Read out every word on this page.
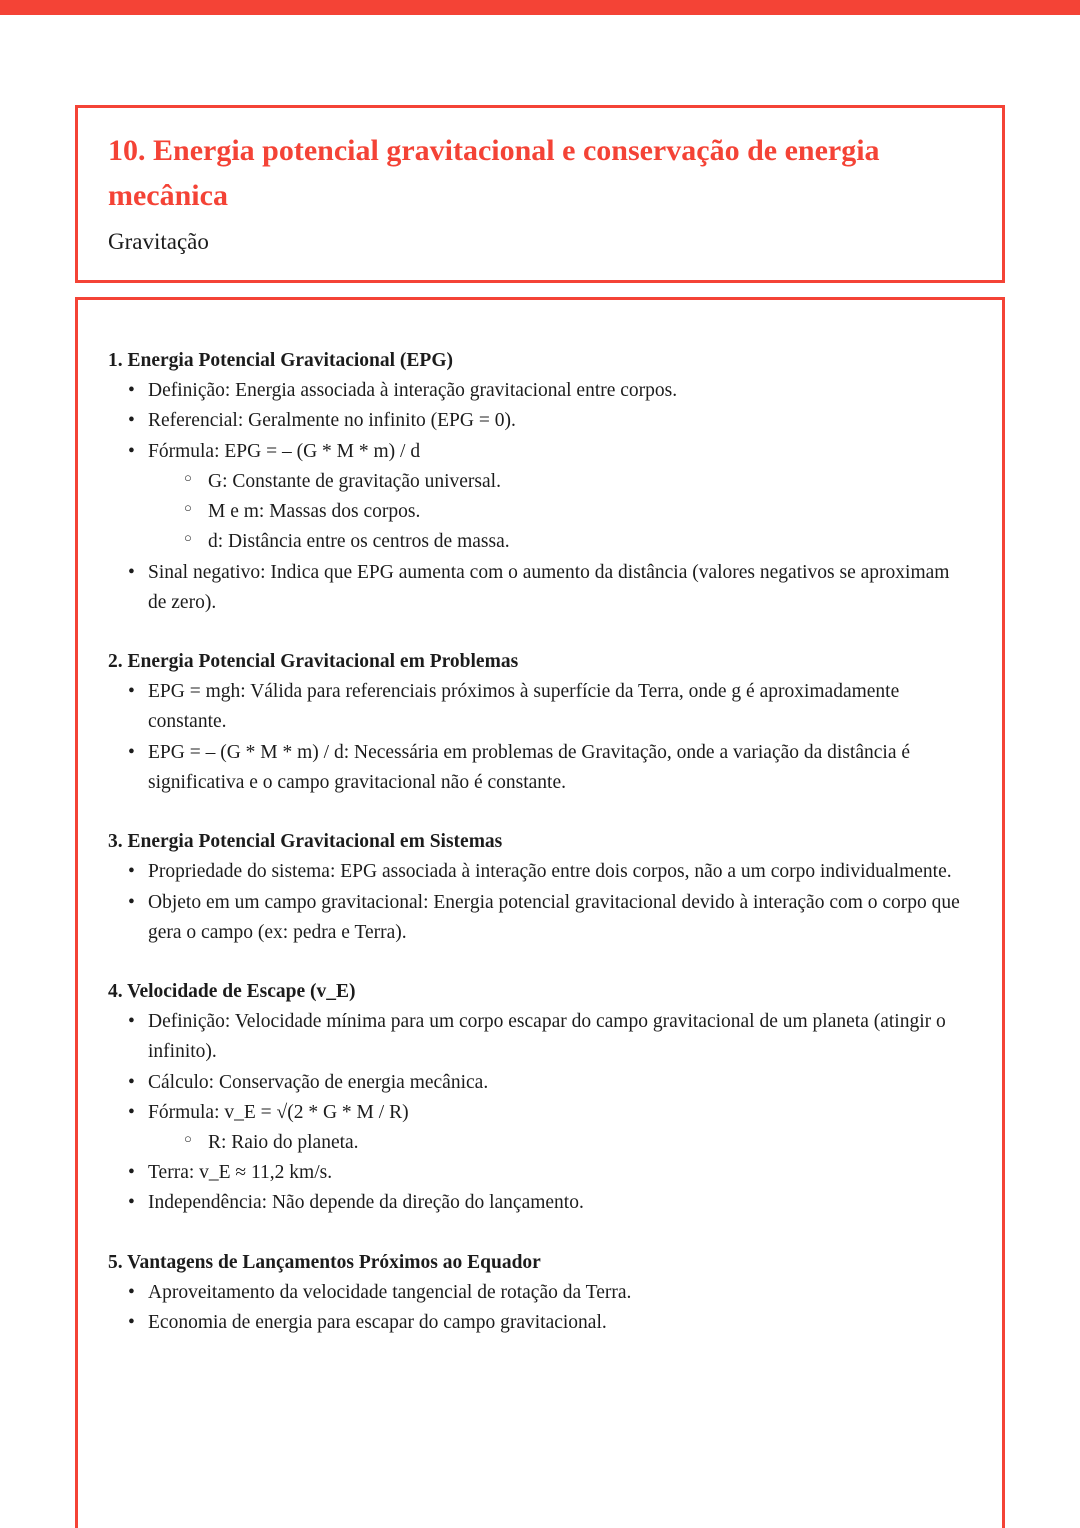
10. Energia potencial gravitacional e conservação de energia mecânica

Gravitação

1. Energia Potencial Gravitacional (EPG)
• Definição: Energia associada à interação gravitacional entre corpos.
• Referencial: Geralmente no infinito (EPG = 0).
• Fórmula: EPG = – (G * M * m) / d
○ G: Constante de gravitação universal.
○ M e m: Massas dos corpos.
○ d: Distância entre os centros de massa.
• Sinal negativo: Indica que EPG aumenta com o aumento da distância (valores negativos se aproximam de zero).
2. Energia Potencial Gravitacional em Problemas
• EPG = mgh: Válida para referenciais próximos à superfície da Terra, onde g é aproximadamente constante.
• EPG = – (G * M * m) / d: Necessária em problemas de Gravitação, onde a variação da distância é significativa e o campo gravitacional não é constante.
3. Energia Potencial Gravitacional em Sistemas
• Propriedade do sistema: EPG associada à interação entre dois corpos, não a um corpo individualmente.
• Objeto em um campo gravitacional: Energia potencial gravitacional devido à interação com o corpo que gera o campo (ex: pedra e Terra).
4. Velocidade de Escape (v_E)
• Definição: Velocidade mínima para um corpo escapar do campo gravitacional de um planeta (atingir o infinito).
• Cálculo: Conservação de energia mecânica.
• Fórmula: v_E = √(2 * G * M / R)
○ R: Raio do planeta.
• Terra: v_E ≈ 11,2 km/s.
• Independência: Não depende da direção do lançamento.
5. Vantagens de Lançamentos Próximos ao Equador
• Aproveitamento da velocidade tangencial de rotação da Terra.
• Economia de energia para escapar do campo gravitacional.
